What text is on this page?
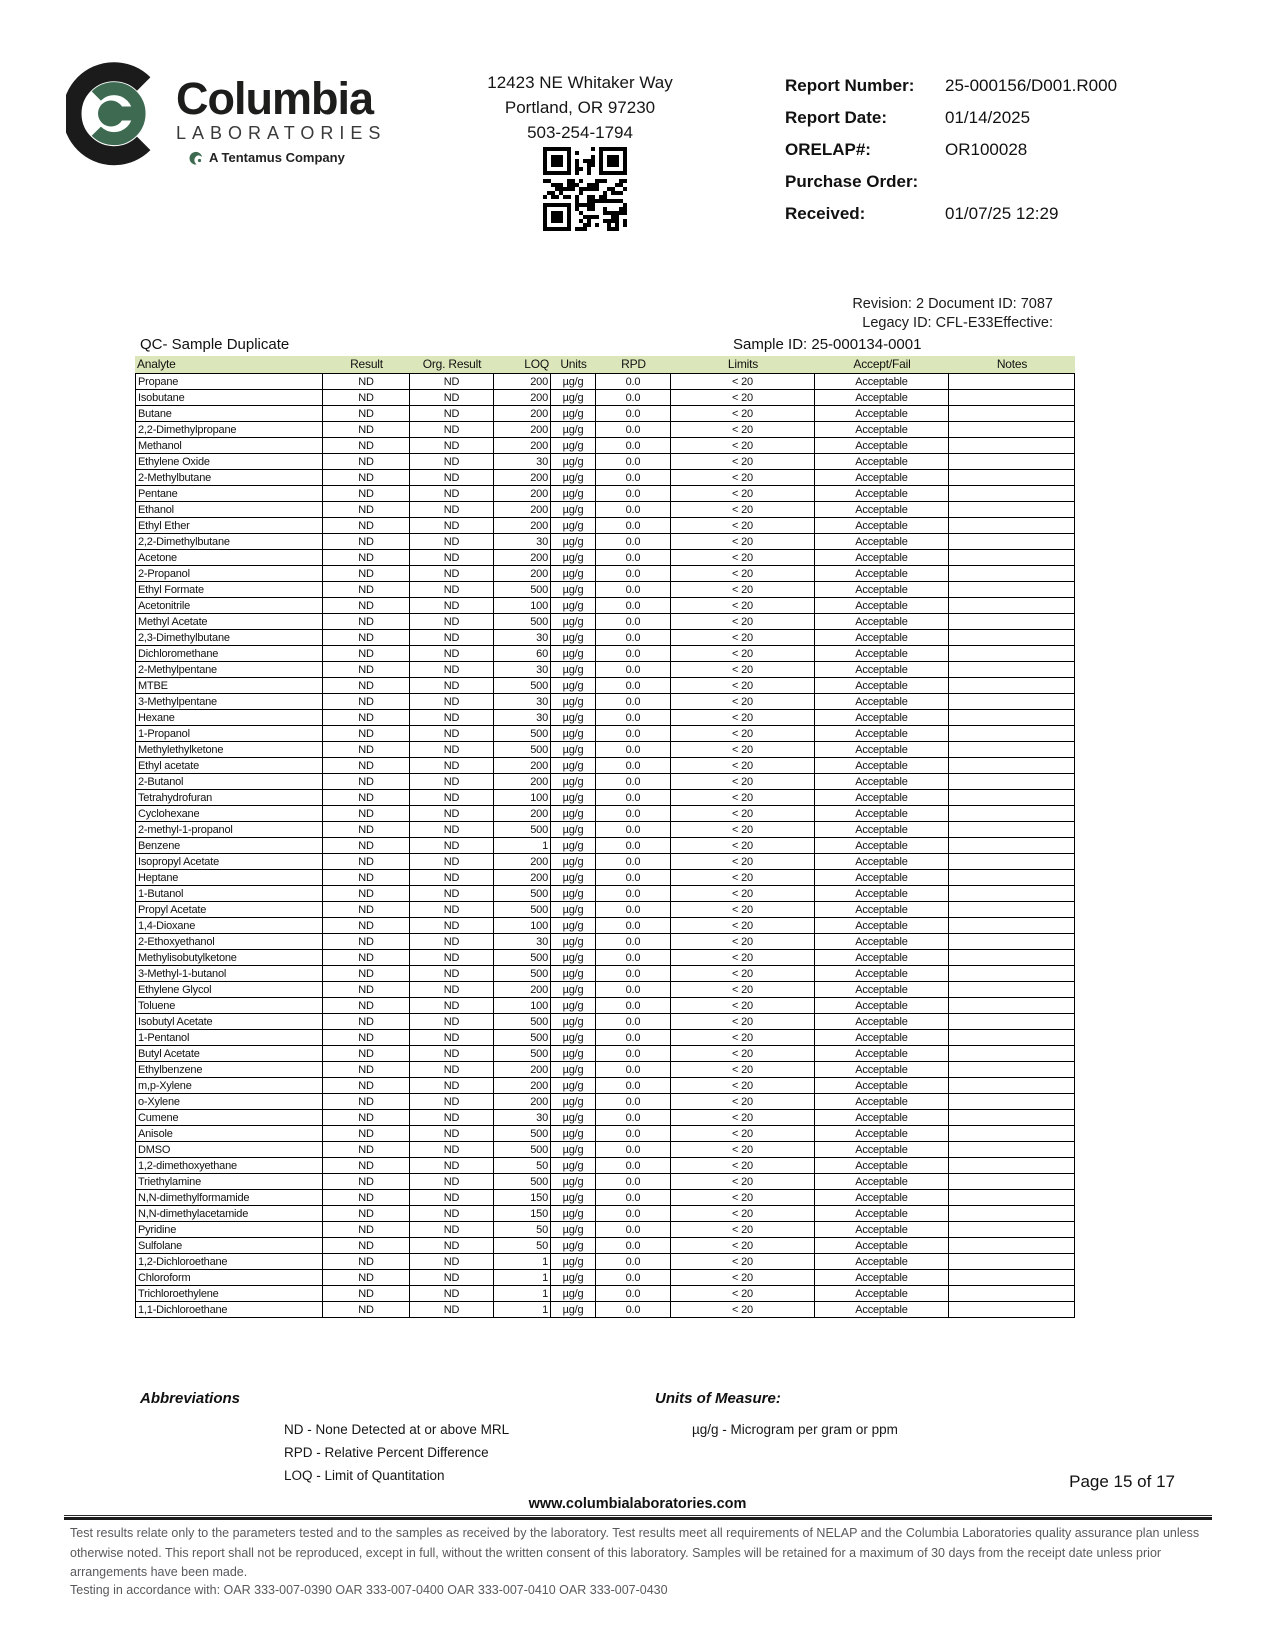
Columbia
LABORATORIES
A Tentamus Company
12423 NE Whitaker Way
Portland, OR 97230
503-254-1794
Report Number:	25-000156/D001.R000
Report Date:	01/14/2025
ORELAP#:	OR100028
Purchase Order:
Received:	01/07/25 12:29
Revision: 2 Document ID: 7087
Legacy ID: CFL-E33Effective:
QC- Sample Duplicate	Sample ID: 25-000134-0001
Analyte	Result	Org. Result	LOQ	Units	RPD	Limits	Accept/Fail	Notes
Propane	ND	ND	200	µg/g	0.0	< 20	Acceptable	
Isobutane	ND	ND	200	µg/g	0.0	< 20	Acceptable	
Butane	ND	ND	200	µg/g	0.0	< 20	Acceptable	
2,2-Dimethylpropane	ND	ND	200	µg/g	0.0	< 20	Acceptable	
Methanol	ND	ND	200	µg/g	0.0	< 20	Acceptable	
Ethylene Oxide	ND	ND	30	µg/g	0.0	< 20	Acceptable	
2-Methylbutane	ND	ND	200	µg/g	0.0	< 20	Acceptable	
Pentane	ND	ND	200	µg/g	0.0	< 20	Acceptable	
Ethanol	ND	ND	200	µg/g	0.0	< 20	Acceptable	
Ethyl Ether	ND	ND	200	µg/g	0.0	< 20	Acceptable	
2,2-Dimethylbutane	ND	ND	30	µg/g	0.0	< 20	Acceptable	
Acetone	ND	ND	200	µg/g	0.0	< 20	Acceptable	
2-Propanol	ND	ND	200	µg/g	0.0	< 20	Acceptable	
Ethyl Formate	ND	ND	500	µg/g	0.0	< 20	Acceptable	
Acetonitrile	ND	ND	100	µg/g	0.0	< 20	Acceptable	
Methyl Acetate	ND	ND	500	µg/g	0.0	< 20	Acceptable	
2,3-Dimethylbutane	ND	ND	30	µg/g	0.0	< 20	Acceptable	
Dichloromethane	ND	ND	60	µg/g	0.0	< 20	Acceptable	
2-Methylpentane	ND	ND	30	µg/g	0.0	< 20	Acceptable	
MTBE	ND	ND	500	µg/g	0.0	< 20	Acceptable	
3-Methylpentane	ND	ND	30	µg/g	0.0	< 20	Acceptable	
Hexane	ND	ND	30	µg/g	0.0	< 20	Acceptable	
1-Propanol	ND	ND	500	µg/g	0.0	< 20	Acceptable	
Methylethylketone	ND	ND	500	µg/g	0.0	< 20	Acceptable	
Ethyl acetate	ND	ND	200	µg/g	0.0	< 20	Acceptable	
2-Butanol	ND	ND	200	µg/g	0.0	< 20	Acceptable	
Tetrahydrofuran	ND	ND	100	µg/g	0.0	< 20	Acceptable	
Cyclohexane	ND	ND	200	µg/g	0.0	< 20	Acceptable	
2-methyl-1-propanol	ND	ND	500	µg/g	0.0	< 20	Acceptable	
Benzene	ND	ND	1	µg/g	0.0	< 20	Acceptable	
Isopropyl Acetate	ND	ND	200	µg/g	0.0	< 20	Acceptable	
Heptane	ND	ND	200	µg/g	0.0	< 20	Acceptable	
1-Butanol	ND	ND	500	µg/g	0.0	< 20	Acceptable	
Propyl Acetate	ND	ND	500	µg/g	0.0	< 20	Acceptable	
1,4-Dioxane	ND	ND	100	µg/g	0.0	< 20	Acceptable	
2-Ethoxyethanol	ND	ND	30	µg/g	0.0	< 20	Acceptable	
Methylisobutylketone	ND	ND	500	µg/g	0.0	< 20	Acceptable	
3-Methyl-1-butanol	ND	ND	500	µg/g	0.0	< 20	Acceptable	
Ethylene Glycol	ND	ND	200	µg/g	0.0	< 20	Acceptable	
Toluene	ND	ND	100	µg/g	0.0	< 20	Acceptable	
Isobutyl Acetate	ND	ND	500	µg/g	0.0	< 20	Acceptable	
1-Pentanol	ND	ND	500	µg/g	0.0	< 20	Acceptable	
Butyl Acetate	ND	ND	500	µg/g	0.0	< 20	Acceptable	
Ethylbenzene	ND	ND	200	µg/g	0.0	< 20	Acceptable	
m,p-Xylene	ND	ND	200	µg/g	0.0	< 20	Acceptable	
o-Xylene	ND	ND	200	µg/g	0.0	< 20	Acceptable	
Cumene	ND	ND	30	µg/g	0.0	< 20	Acceptable	
Anisole	ND	ND	500	µg/g	0.0	< 20	Acceptable	
DMSO	ND	ND	500	µg/g	0.0	< 20	Acceptable	
1,2-dimethoxyethane	ND	ND	50	µg/g	0.0	< 20	Acceptable	
Triethylamine	ND	ND	500	µg/g	0.0	< 20	Acceptable	
N,N-dimethylformamide	ND	ND	150	µg/g	0.0	< 20	Acceptable	
N,N-dimethylacetamide	ND	ND	150	µg/g	0.0	< 20	Acceptable	
Pyridine	ND	ND	50	µg/g	0.0	< 20	Acceptable	
Sulfolane	ND	ND	50	µg/g	0.0	< 20	Acceptable	
1,2-Dichloroethane	ND	ND	1	µg/g	0.0	< 20	Acceptable	
Chloroform	ND	ND	1	µg/g	0.0	< 20	Acceptable	
Trichloroethylene	ND	ND	1	µg/g	0.0	< 20	Acceptable	
1,1-Dichloroethane	ND	ND	1	µg/g	0.0	< 20	Acceptable	
Abbreviations	Units of Measure:
ND - None Detected at or above MRL
RPD - Relative Percent Difference
LOQ - Limit of Quantitation
µg/g - Microgram per gram or ppm
Page 15 of 17
www.columbialaboratories.com
Test results relate only to the parameters tested and to the samples as received by the laboratory. Test results meet all requirements of NELAP and the Columbia Laboratories quality assurance plan unless otherwise noted. This report shall not be reproduced, except in full, without the written consent of this laboratory. Samples will be retained for a maximum of 30 days from the receipt date unless prior arrangements have been made.
Testing in accordance with: OAR 333-007-0390 OAR 333-007-0400 OAR 333-007-0410 OAR 333-007-0430
